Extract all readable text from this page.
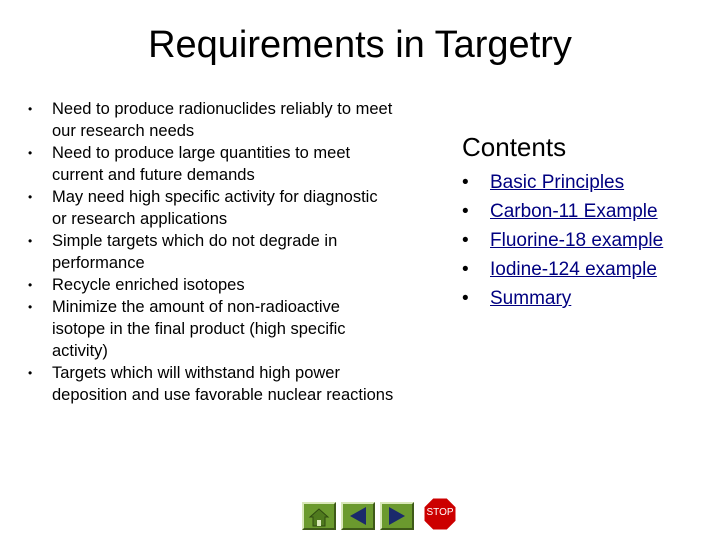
Requirements in Targetry
• Need to produce radionuclides reliably to meet our research needs
• Need to produce large quantities to meet current and future demands
• May need high specific activity for diagnostic or research applications
• Simple targets which do not degrade in performance
• Recycle enriched isotopes
• Minimize the amount of non-radioactive isotope in the final product (high specific activity)
• Targets which will withstand high power deposition and use favorable nuclear reactions
Contents
• Basic Principles
• Carbon-11 Example
• Fluorine-18 example
• Iodine-124 example
• Summary
STOP
